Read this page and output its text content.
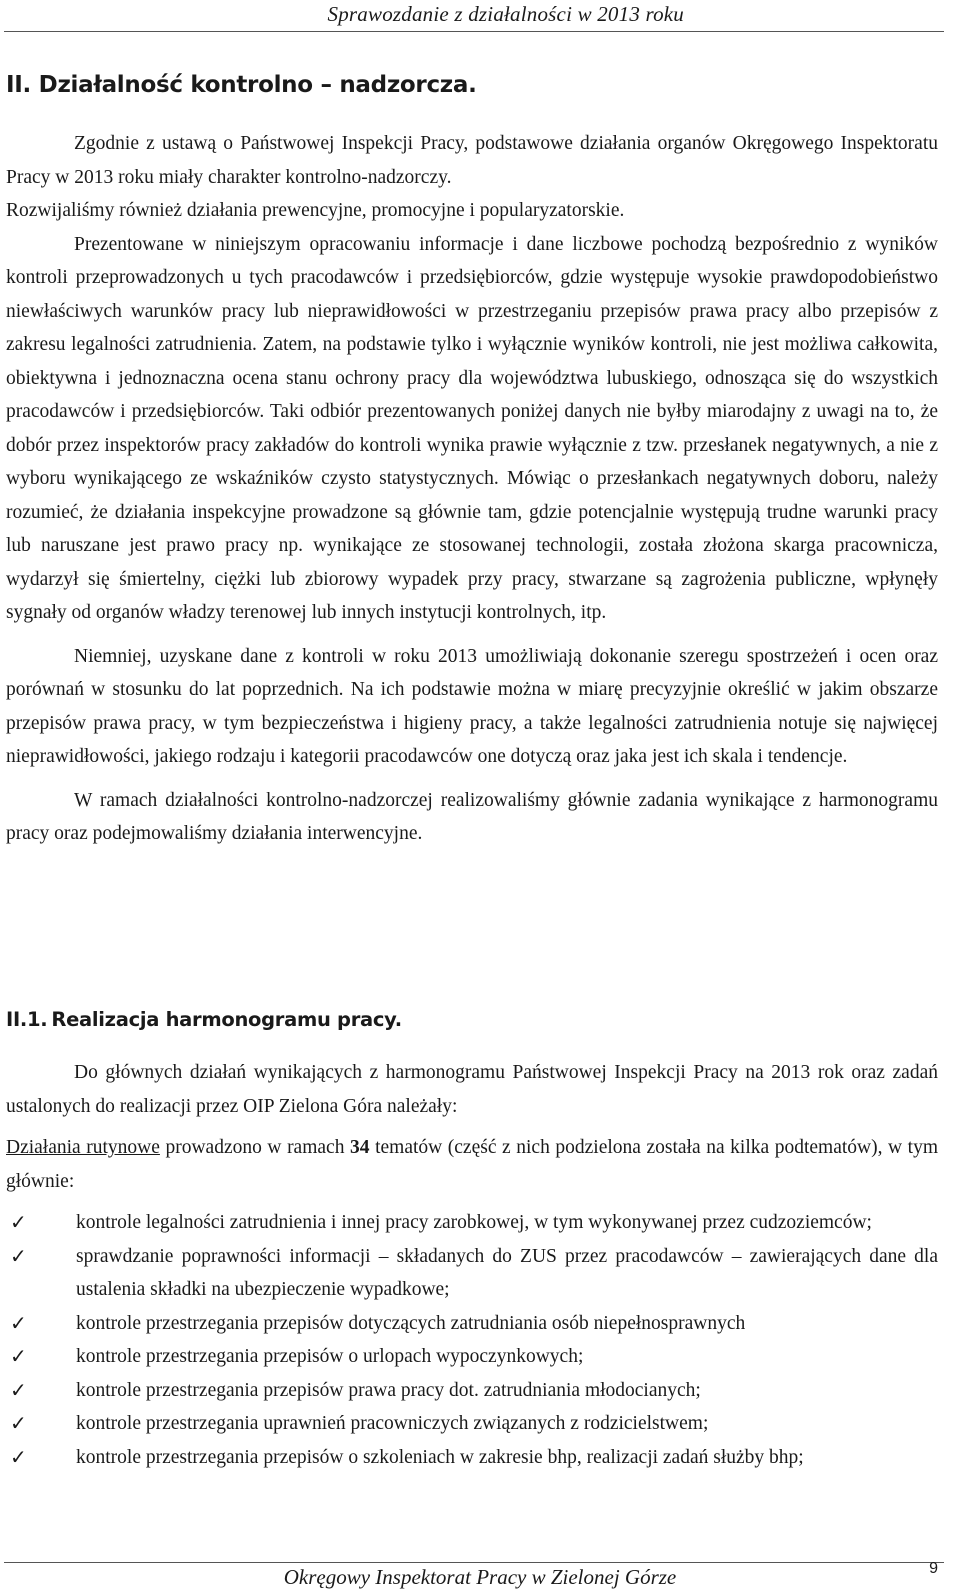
Sprawozdanie z działalności w 2013 roku
II. Działalność kontrolno – nadzorcza.

Zgodnie z ustawą o Państwowej Inspekcji Pracy, podstawowe działania organów Okręgowego Inspektoratu Pracy w 2013 roku miały charakter kontrolno-nadzorczy.

Rozwijaliśmy również działania prewencyjne, promocyjne i popularyzatorskie.

Prezentowane w niniejszym opracowaniu informacje i dane liczbowe pochodzą bezpośrednio z wyników kontroli przeprowadzonych u tych pracodawców i przedsiębiorców, gdzie występuje wysokie prawdopodobieństwo niewłaściwych warunków pracy lub nieprawidłowości w przestrzeganiu przepisów prawa pracy albo przepisów z zakresu legalności zatrudnienia. Zatem, na podstawie tylko i wyłącznie wyników kontroli, nie jest możliwa całkowita, obiektywna i jednoznaczna ocena stanu ochrony pracy dla województwa lubuskiego, odnosząca się do wszystkich pracodawców i przedsiębiorców. Taki odbiór prezentowanych poniżej danych nie byłby miarodajny z uwagi na to, że dobór przez inspektorów pracy zakładów do kontroli wynika prawie wyłącznie z tzw. przesłanek negatywnych, a nie z wyboru wynikającego ze wskaźników czysto statystycznych. Mówiąc o przesłankach negatywnych doboru, należy rozumieć, że działania inspekcyjne prowadzone są głównie tam, gdzie potencjalnie występują trudne warunki pracy lub naruszane jest prawo pracy np. wynikające ze stosowanej technologii, została złożona skarga pracownicza, wydarzył się śmiertelny, ciężki lub zbiorowy wypadek przy pracy, stwarzane są zagrożenia publiczne, wpłynęły sygnały od organów władzy terenowej lub innych instytucji kontrolnych, itp.

Niemniej, uzyskane dane z kontroli w roku 2013 umożliwiają dokonanie szeregu spostrzeżeń i ocen oraz porównań w stosunku do lat poprzednich. Na ich podstawie można w miarę precyzyjnie określić w jakim obszarze przepisów prawa pracy, w tym bezpieczeństwa i higieny pracy, a także legalności zatrudnienia notuje się najwięcej nieprawidłowości, jakiego rodzaju i kategorii pracodawców one dotyczą oraz jaka jest ich skala i tendencje.

W ramach działalności kontrolno-nadzorczej realizowaliśmy głównie zadania wynikające z harmonogramu pracy oraz podejmowaliśmy działania interwencyjne.

II.1. Realizacja harmonogramu pracy.

Do głównych działań wynikających z harmonogramu Państwowej Inspekcji Pracy na 2013 rok oraz zadań ustalonych do realizacji przez OIP Zielona Góra należały:

Działania rutynowe prowadzono w ramach 34 tematów (część z nich podzielona została na kilka podtematów), w tym głównie:

✓	kontrole legalności zatrudnienia i innej pracy zarobkowej, w tym wykonywanej przez cudzoziemców;
✓	sprawdzanie poprawności informacji – składanych do ZUS przez pracodawców – zawierających dane dla ustalenia składki na ubezpieczenie wypadkowe;
✓	kontrole przestrzegania przepisów dotyczących zatrudniania osób niepełnosprawnych
✓	kontrole przestrzegania przepisów o urlopach wypoczynkowych;
✓	kontrole przestrzegania przepisów prawa pracy dot. zatrudniania młodocianych;
✓	kontrole przestrzegania uprawnień pracowniczych związanych z rodzicielstwem;
✓	kontrole przestrzegania przepisów o szkoleniach w zakresie bhp, realizacji zadań służby bhp;
Okręgowy Inspektorat Pracy w Zielonej Górze	9
